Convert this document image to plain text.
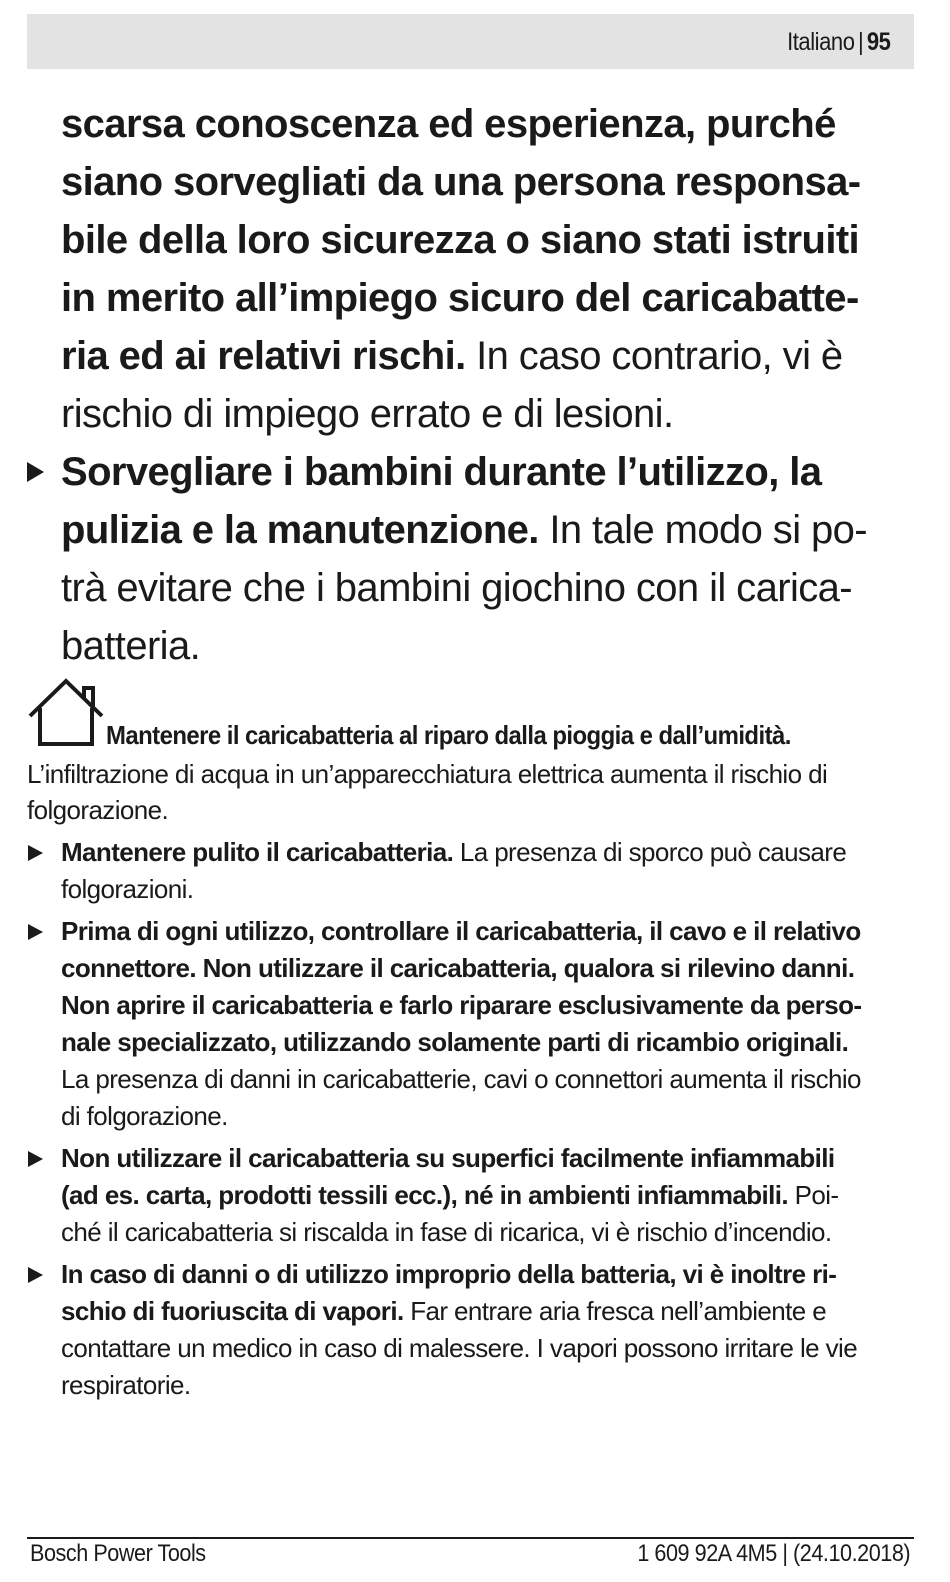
Italiano | 95

scarsa conoscenza ed esperienza, purché

siano sorvegliati da una persona responsa-

bile della loro sicurezza o siano stati istruiti

in merito all’impiego sicuro del caricabatte-

ria ed ai relativi rischi. In caso contrario, vi è

rischio di impiego errato e di lesioni.

Sorvegliare i bambini durante l’utilizzo, la

pulizia e la manutenzione. In tale modo si po-

trà evitare che i bambini giochino con il carica-

batteria.

Mantenere il caricabatteria al riparo dalla pioggia e dall’umidità.

L’infiltrazione di acqua in un’apparecchiatura elettrica aumenta il rischio di

folgorazione.

Mantenere pulito il caricabatteria. La presenza di sporco può causare

folgorazioni.

Prima di ogni utilizzo, controllare il caricabatteria, il cavo e il relativo

connettore. Non utilizzare il caricabatteria, qualora si rilevino danni.

Non aprire il caricabatteria e farlo riparare esclusivamente da perso-

nale specializzato, utilizzando solamente parti di ricambio originali.

La presenza di danni in caricabatterie, cavi o connettori aumenta il rischio

di folgorazione.

Non utilizzare il caricabatteria su superfici facilmente infiammabili

(ad es. carta, prodotti tessili ecc.), né in ambienti infiammabili. Poi-

ché il caricabatteria si riscalda in fase di ricarica, vi è rischio d’incendio.

In caso di danni o di utilizzo improprio della batteria, vi è inoltre ri-

schio di fuoriuscita di vapori. Far entrare aria fresca nell’ambiente e

contattare un medico in caso di malessere. I vapori possono irritare le vie

respiratorie.

Bosch Power Tools	1 609 92A 4M5 | (24.10.2018)
